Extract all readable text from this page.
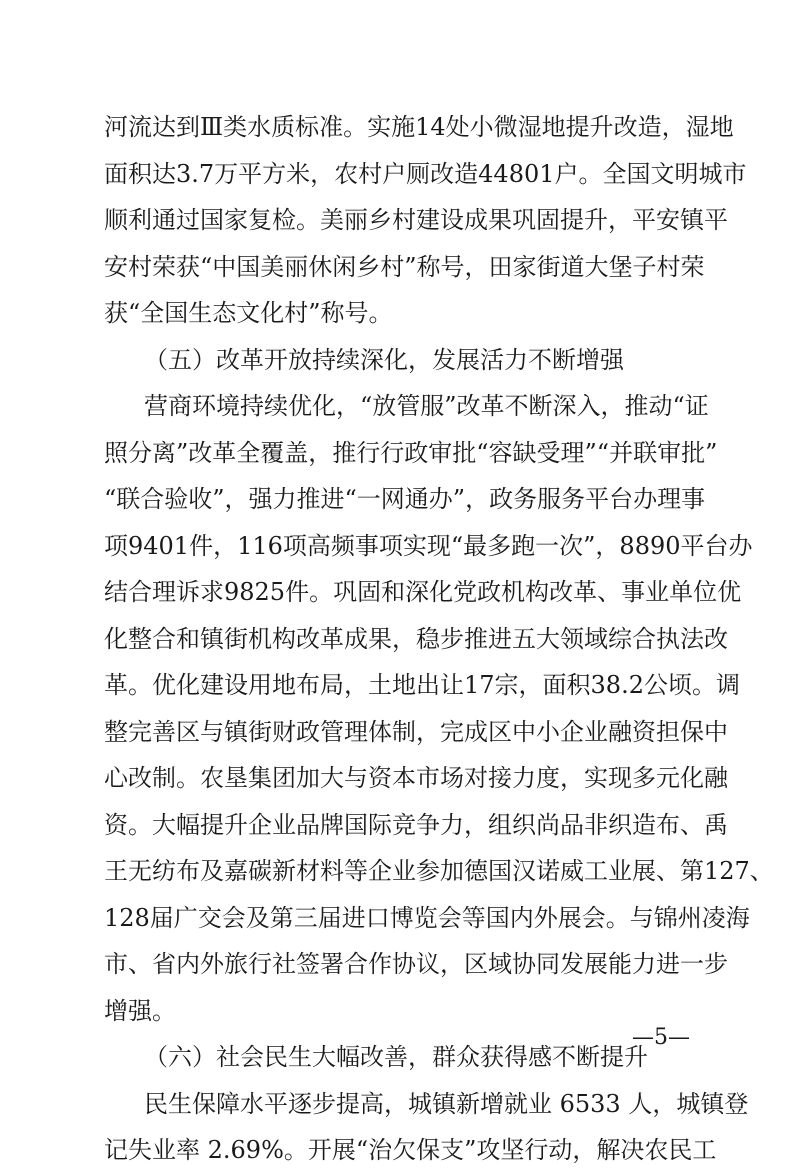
河流达到Ⅲ类水质标准。实施14处小微湿地提升改造，湿地
面积达3.7万平方米，农村户厕改造44801户。全国文明城市
顺利通过国家复检。美丽乡村建设成果巩固提升，平安镇平
安村荣获“中国美丽休闲乡村”称号，田家街道大堡子村荣
获“全国生态文化村”称号。
（五）改革开放持续深化，发展活力不断增强
营商环境持续优化，“放管服”改革不断深入，推动“证
照分离”改革全覆盖，推行行政审批“容缺受理”“并联审批”
“联合验收”，强力推进“一网通办”，政务服务平台办理事
项9401件，116项高频事项实现“最多跑一次”，8890平台办
结合理诉求9825件。巩固和深化党政机构改革、事业单位优
化整合和镇街机构改革成果，稳步推进五大领域综合执法改
革。优化建设用地布局，土地出让17宗，面积38.2公顷。调
整完善区与镇街财政管理体制，完成区中小企业融资担保中
心改制。农垦集团加大与资本市场对接力度，实现多元化融
资。大幅提升企业品牌国际竞争力，组织尚品非织造布、禹
王无纺布及嘉碳新材料等企业参加德国汉诺威工业展、第127、
128届广交会及第三届进口博览会等国内外展会。与锦州凌海
市、省内外旅行社签署合作协议，区域协同发展能力进一步
增强。
（六）社会民生大幅改善，群众获得感不断提升
民生保障水平逐步提高，城镇新增就业 6533 人，城镇登
记失业率 2.69%。开展“治欠保支”攻坚行动，解决农民工
—5—
